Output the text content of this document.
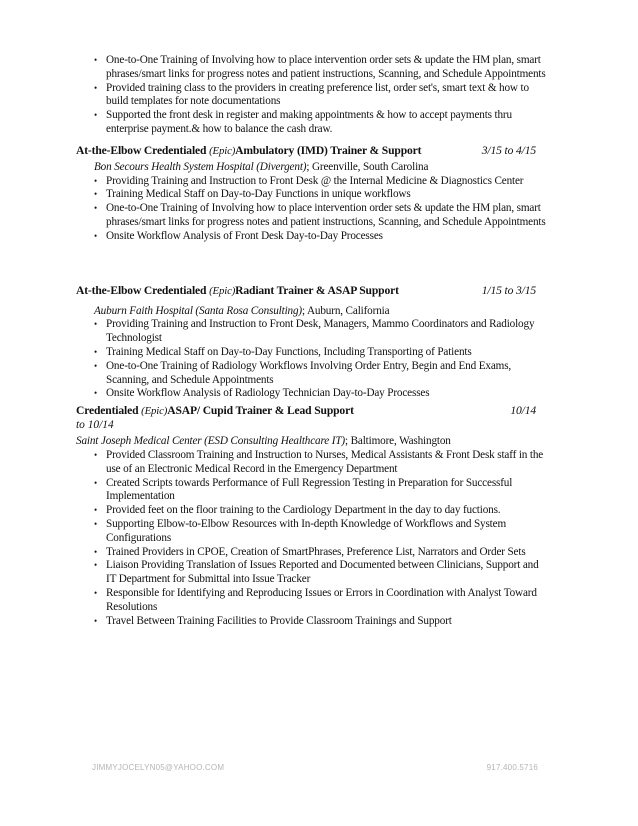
• One-to-One Training of Involving how to place intervention order sets & update the HM plan, smart phrases/smart links for progress notes and patient instructions, Scanning, and Schedule Appointments
• Provided training class to the providers in creating preference list, order set's, smart text & how to build templates for note documentations
• Supported the front desk in register and making appointments & how to accept payments thru enterprise payment.& how to balance the cash draw.
At-the-Elbow Credentialed (Epic)Ambulatory (IMD) Trainer & Support	3/15 to 4/15
Bon Secours Health System Hospital (Divergent); Greenville, South Carolina
• Providing Training and Instruction to Front Desk @ the Internal Medicine & Diagnostics Center
• Training Medical Staff on Day-to-Day Functions in unique workflows
• One-to-One Training of Involving how to place intervention order sets & update the HM plan, smart phrases/smart links for progress notes and patient instructions, Scanning, and Schedule Appointments
• Onsite Workflow Analysis of Front Desk Day-to-Day Processes
At-the-Elbow Credentialed (Epic)Radiant Trainer & ASAP Support	1/15 to 3/15
Auburn Faith Hospital (Santa Rosa Consulting); Auburn, California
• Providing Training and Instruction to Front Desk, Managers, Mammo Coordinators and Radiology Technologist
• Training Medical Staff on Day-to-Day Functions, Including Transporting of Patients
• One-to-One Training of Radiology Workflows Involving Order Entry, Begin and End Exams, Scanning, and Schedule Appointments
• Onsite Workflow Analysis of Radiology Technician Day-to-Day Processes
Credentialed (Epic)ASAP/ Cupid Trainer & Lead Support	10/14
to 10/14
Saint Joseph Medical Center (ESD Consulting Healthcare IT); Baltimore, Washington
• Provided Classroom Training and Instruction to Nurses, Medical Assistants & Front Desk staff in the use of an Electronic Medical Record in the Emergency Department
• Created Scripts towards Performance of Full Regression Testing in Preparation for Successful Implementation
• Provided feet on the floor training to the Cardiology Department in the day to day fuctions.
• Supporting Elbow-to-Elbow Resources with In-depth Knowledge of Workflows and System Configurations
• Trained Providers in CPOE, Creation of SmartPhrases, Preference List, Narrators and Order Sets
• Liaison Providing Translation of Issues Reported and Documented between Clinicians, Support and IT Department for Submittal into Issue Tracker
• Responsible for Identifying and Reproducing Issues or Errors in Coordination with Analyst Toward Resolutions
• Travel Between Training Facilities to Provide Classroom Trainings and Support
JIMMYJOCELYN05@YAHOO.COM	917.400.5716
